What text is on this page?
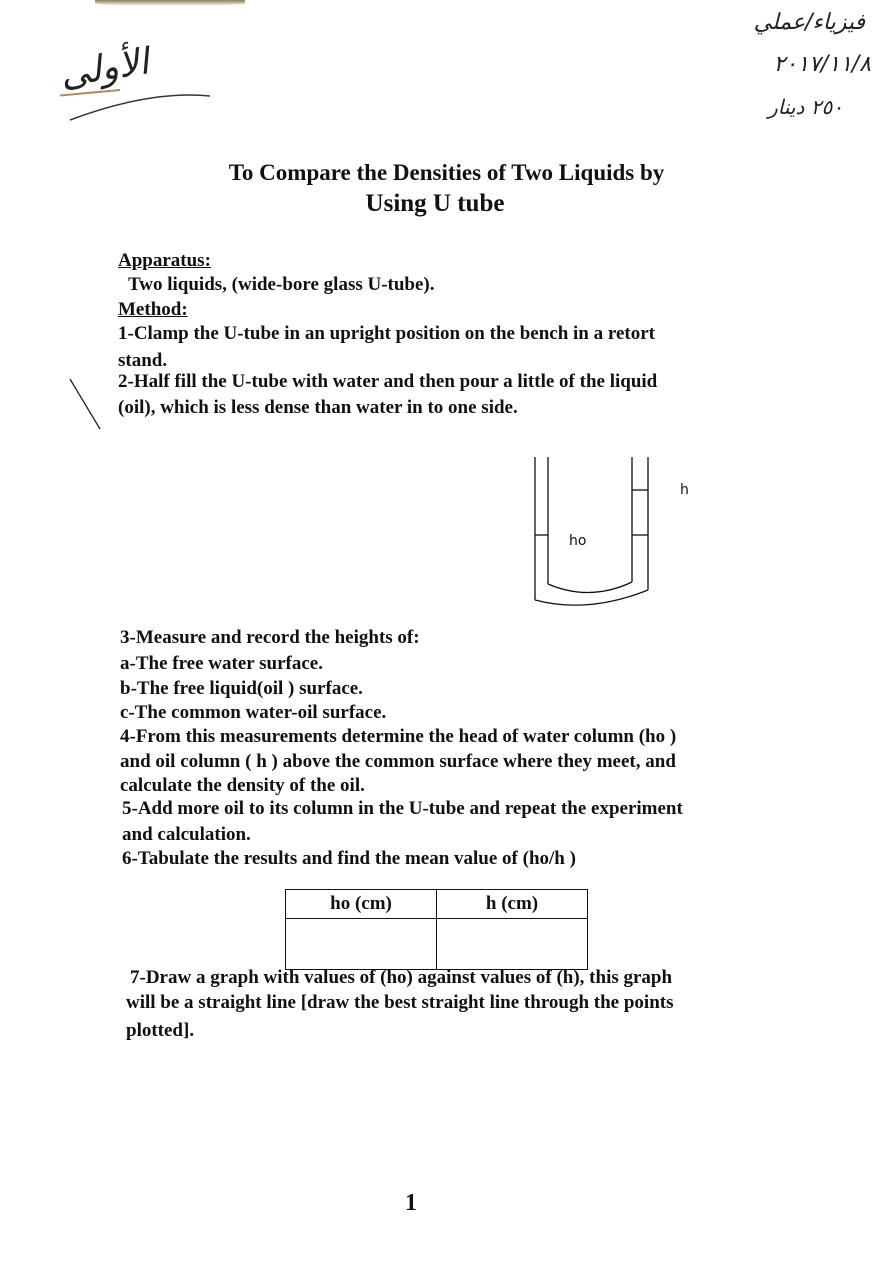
الأولى
فيزياء/عملي
٢٠١٧/١١/٨
٢٥٠ دينار
To Compare the Densities of Two Liquids by
Using U tube
Apparatus:
Two liquids, (wide-bore glass U-tube).
Method:
1-Clamp the U-tube in an upright position on the bench in a retort
stand.
2-Half fill the U-tube with water and then pour a little of the liquid
(oil), which is less dense than water in to one side.
ho
h
3-Measure and record the heights of:
a-The free water surface.
b-The free liquid(oil ) surface.
c-The common water-oil surface.
4-From this measurements determine the head of water column (ho )
and oil column ( h ) above the common surface where they meet, and
calculate the density of the oil.
5-Add more oil to its column in the U-tube and repeat the experiment
and calculation.
6-Tabulate the results and find the mean value of (ho/h )
ho (cm)	h (cm)

7-Draw a graph with values of (ho) against values of (h), this graph
will be a straight line [draw the best straight line through the points
plotted].
1
